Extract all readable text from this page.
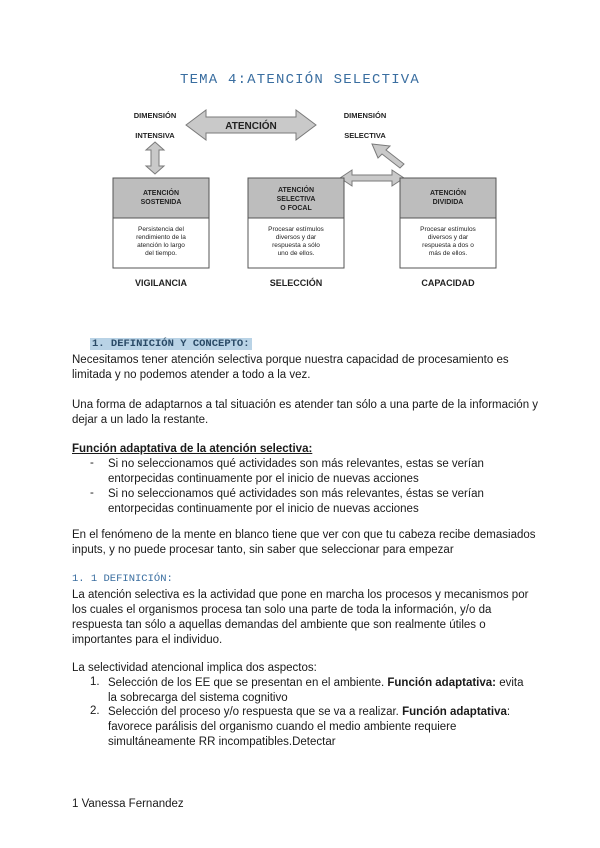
TEMA 4:ATENCIÓN SELECTIVA
ATENCIÓN
DIMENSIÓN
INTENSIVA
DIMENSIÓN
SELECTIVA
ATENCIÓN
SOSTENIDA
ATENCIÓN
SELECTIVA
O FOCAL
ATENCIÓN
DIVIDIDA
Persistencia del
rendimiento de la
atención lo largo
del tiempo.
Procesar estímulos
diversos y dar
respuesta a sólo
uno de ellos.
Procesar estímulos
diversos y dar
respuesta a dos o
más de ellos.
VIGILANCIA	SELECCIÓN	CAPACIDAD
1. DEFINICIÓN Y CONCEPTO:
Necesitamos tener atención selectiva porque nuestra capacidad de procesamiento es limitada y no podemos atender a todo a la vez.
Una forma de adaptarnos a tal situación es atender tan sólo a una parte de la información y dejar a un lado la restante.
Función adaptativa de la atención selectiva:
- Si no seleccionamos qué actividades son más relevantes, estas se verían entorpecidas continuamente por el inicio de nuevas acciones
- Si no seleccionamos qué actividades son más relevantes, éstas se verían entorpecidas continuamente por el inicio de nuevas acciones
En el fenómeno de la mente en blanco tiene que ver con que tu cabeza recibe demasiados inputs, y no puede procesar tanto, sin saber que seleccionar para empezar
1. 1 DEFINICIÓN:
La atención selectiva es la actividad que pone en marcha los procesos y mecanismos por los cuales el organismos procesa tan solo una parte de toda la información, y/o da respuesta tan sólo a aquellas demandas del ambiente que son realmente útiles o importantes para el individuo.
La selectividad atencional implica dos aspectos:
1. Selección de los EE que se presentan en el ambiente. Función adaptativa: evita la sobrecarga del sistema cognitivo
2. Selección del proceso y/o respuesta que se va a realizar. Función adaptativa: favorece parálisis del organismo cuando el medio ambiente requiere simultáneamente RR incompatibles.Detectar
1 Vanessa Fernandez
